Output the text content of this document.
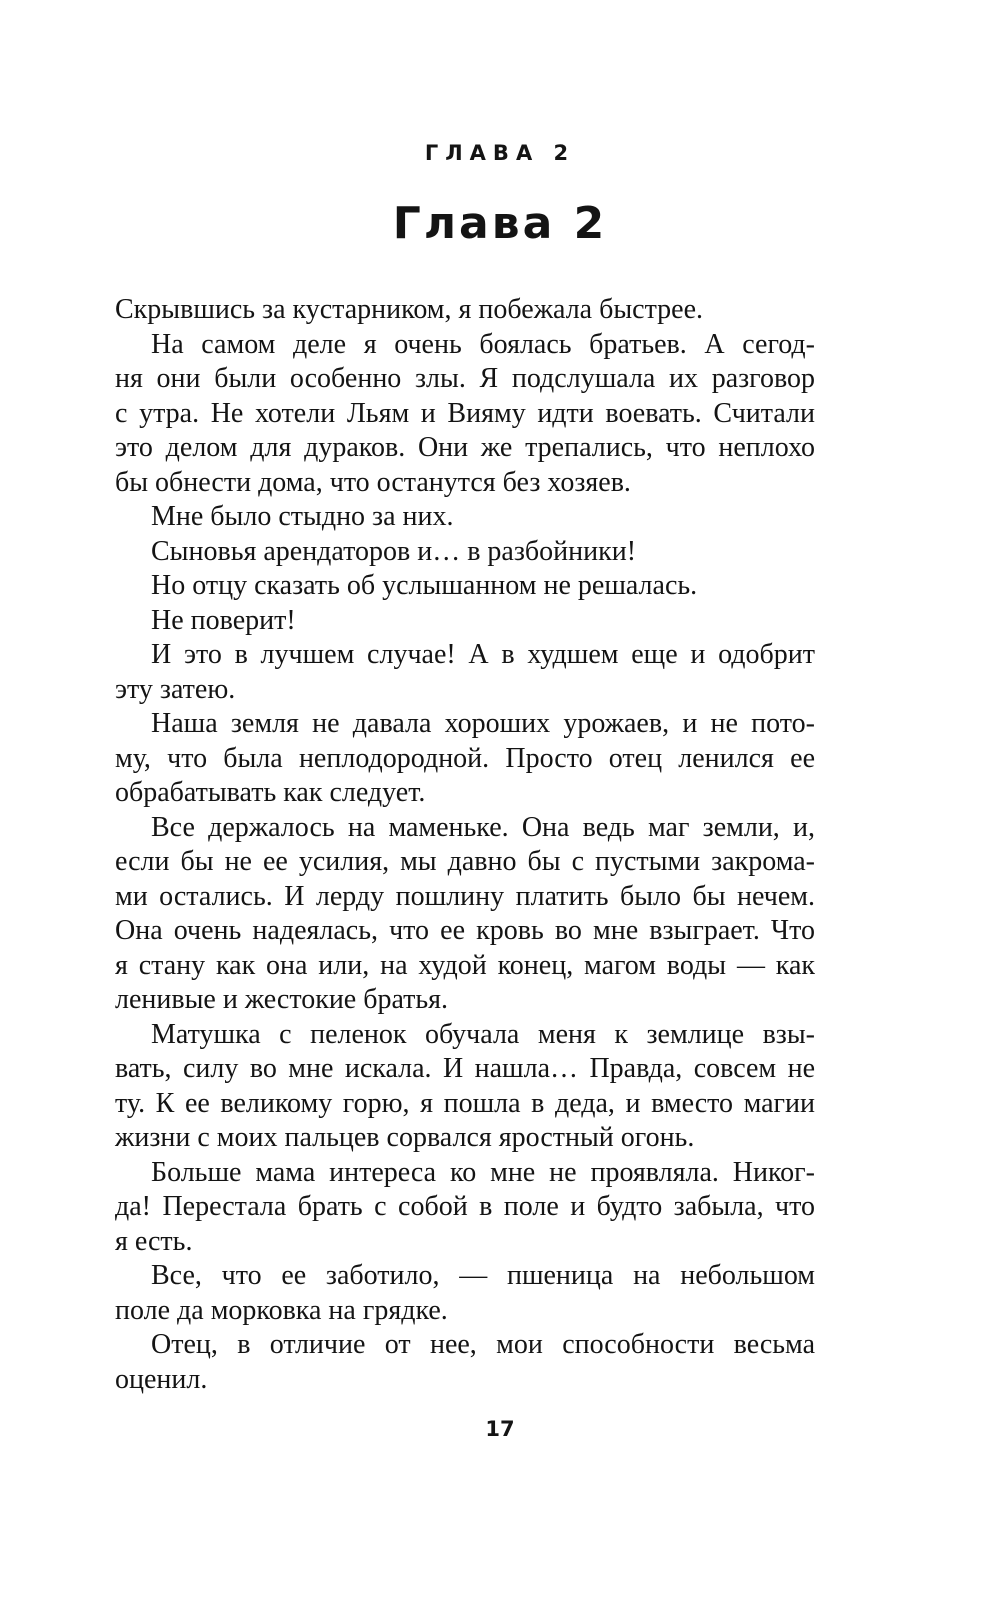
ГЛАВА 2
Глава 2
Скрывшись за кустарником, я побежала быстрее.
На самом деле я очень боялась братьев. А сегод-
ня они были особенно злы. Я подслушала их разговор
с утра. Не хотели Льям и Вияму идти воевать. Считали
это делом для дураков. Они же трепались, что неплохо
бы обнести дома, что останутся без хозяев.
Мне было стыдно за них.
Сыновья арендаторов и… в разбойники!
Но отцу сказать об услышанном не решалась.
Не поверит!
И это в лучшем случае! А в худшем еще и одобрит
эту затею.
Наша земля не давала хороших урожаев, и не пото-
му, что была неплодородной. Просто отец ленился ее
обрабатывать как следует.
Все держалось на маменьке. Она ведь маг земли, и,
если бы не ее усилия, мы давно бы с пустыми закрома-
ми остались. И лерду пошлину платить было бы нечем.
Она очень надеялась, что ее кровь во мне взыграет. Что
я стану как она или, на худой конец, магом воды — как
ленивые и жестокие братья.
Матушка с пеленок обучала меня к землице взы-
вать, силу во мне искала. И нашла… Правда, совсем не
ту. К ее великому горю, я пошла в деда, и вместо магии
жизни с моих пальцев сорвался яростный огонь.
Больше мама интереса ко мне не проявляла. Никог-
да! Перестала брать с собой в поле и будто забыла, что
я есть.
Все, что ее заботило, — пшеница на небольшом
поле да морковка на грядке.
Отец, в отличие от нее, мои способности весьма
оценил.
17
